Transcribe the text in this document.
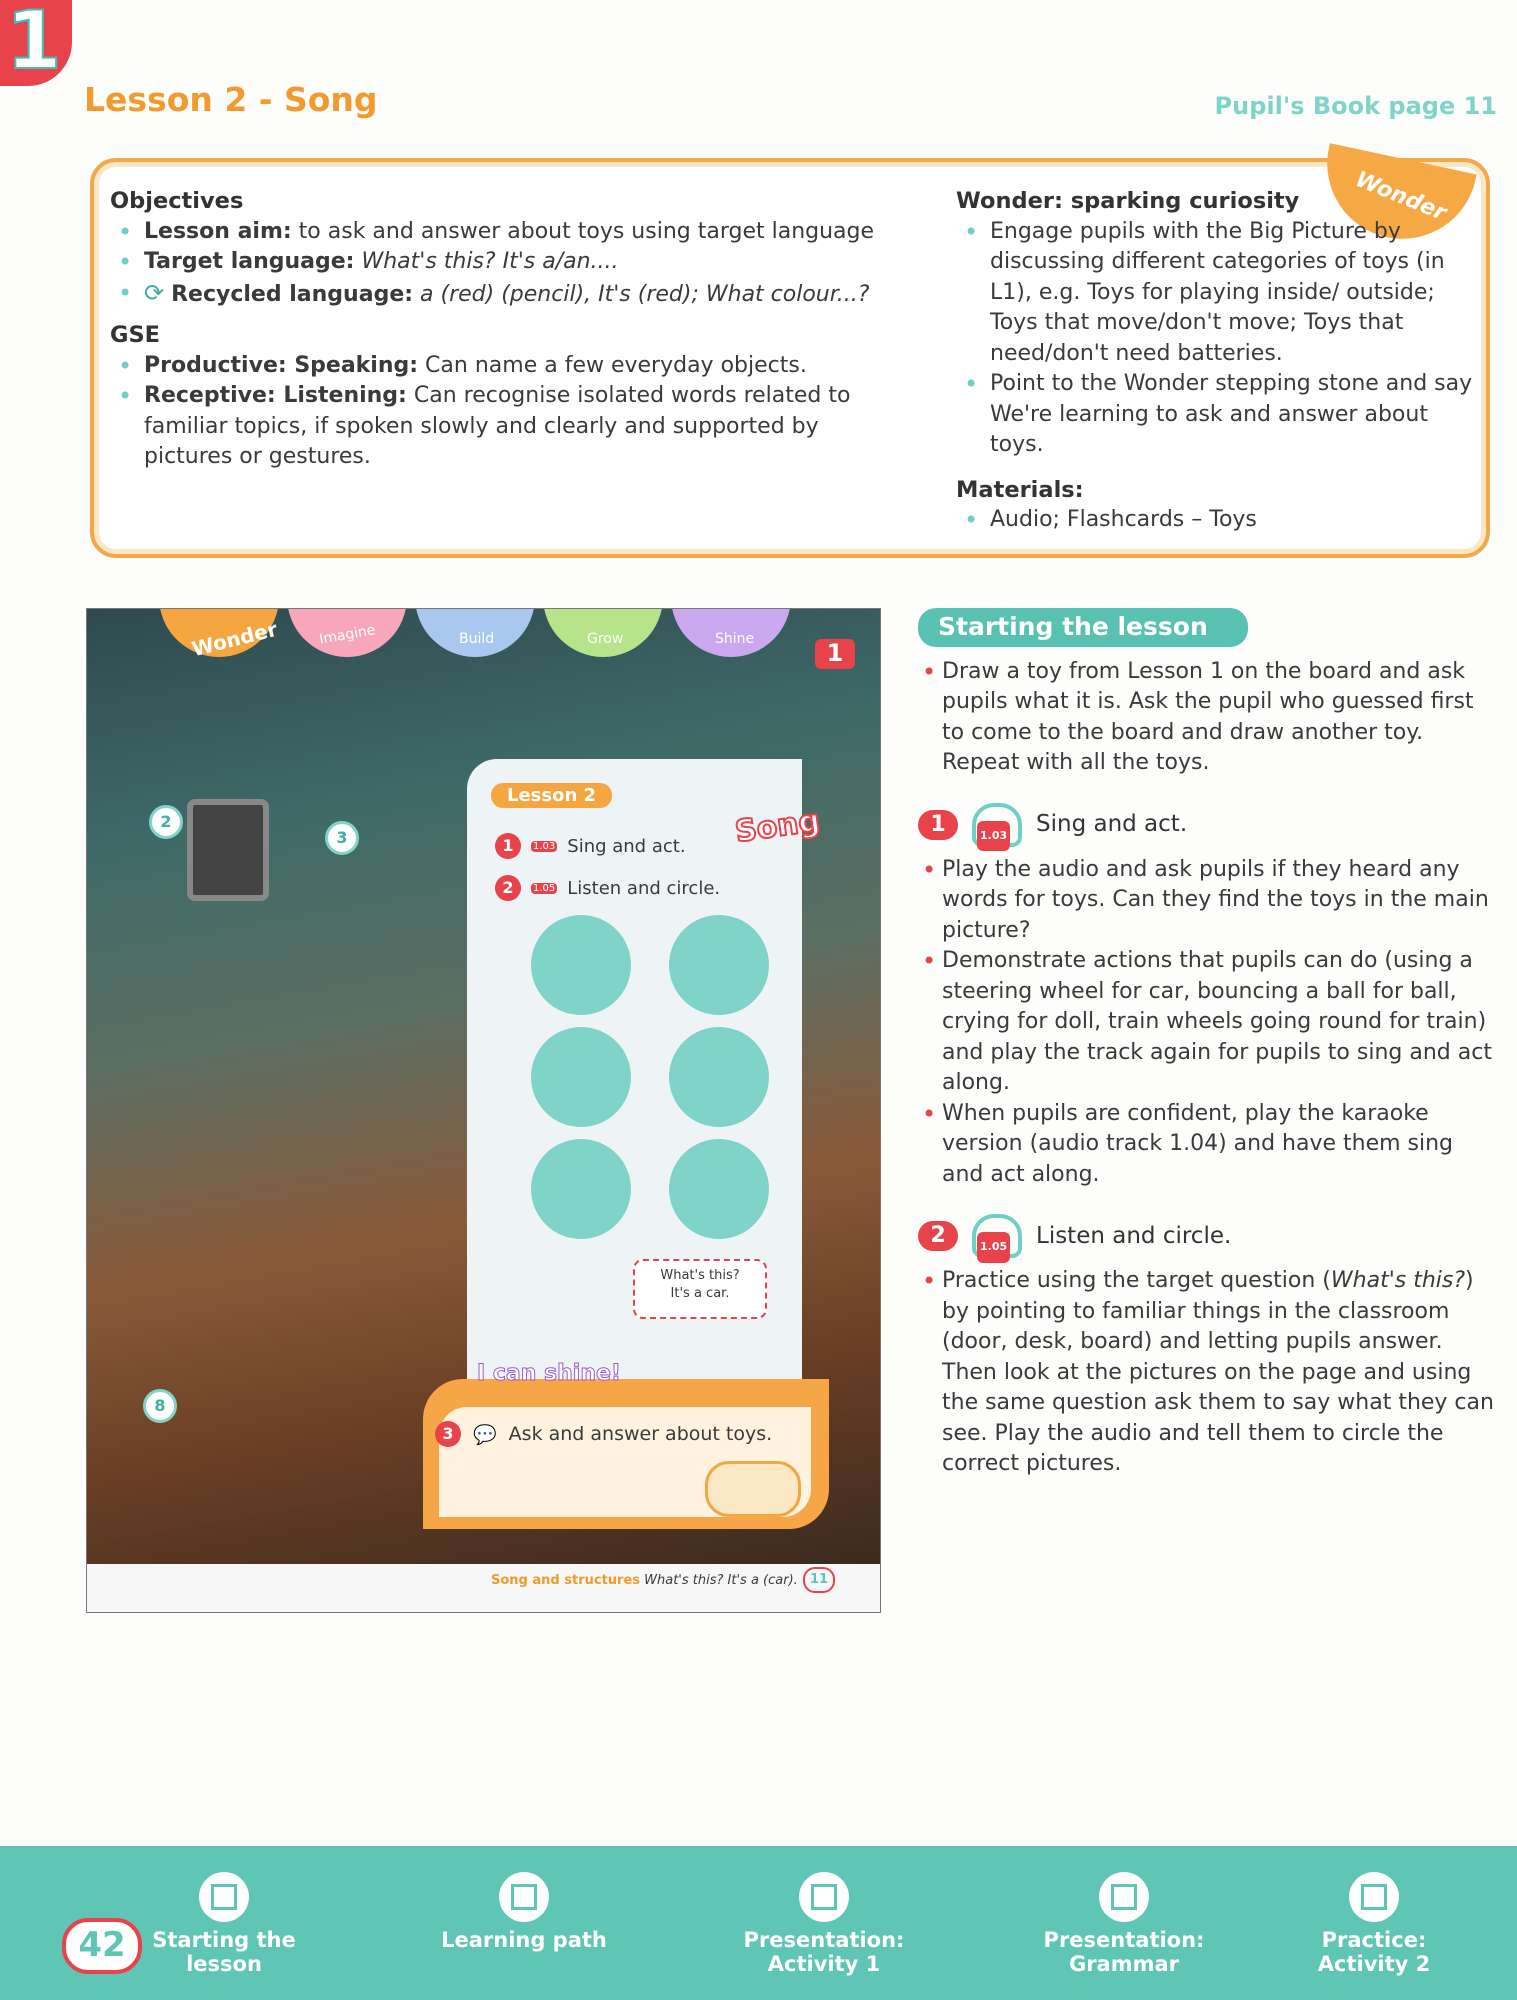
1
Lesson 2 - Song	Pupil's Book page 11
Wonder
Objectives
• Lesson aim: to ask and answer about toys using target language
• Target language: What's this? It's a/an....
• ⟳ Recycled language: a (red) (pencil), It's (red); What colour...?
GSE
• Productive: Speaking: Can name a few everyday objects.
• Receptive: Listening: Can recognise isolated words related to familiar topics, if spoken slowly and clearly and supported by pictures or gestures.
Wonder: sparking curiosity
• Engage pupils with the Big Picture by discussing different categories of toys (in L1), e.g. Toys for playing inside/ outside; Toys that move/don't move; Toys that need/don't need batteries.
• Point to the Wonder stepping stone and say We're learning to ask and answer about toys.
Materials:
• Audio; Flashcards – Toys
Wonder	Imagine	Build	Grow	Shine	1
2
3
8
Lesson 2
Song
1	1.03 Sing and act.
2	1.05 Listen and circle.
What's this?
It's a car.
I can shine!
3	💬 Ask and answer about toys.
Song and structures What's this? It's a (car). 11
Starting the lesson
• Draw a toy from Lesson 1 on the board and ask pupils what it is. Ask the pupil who guessed first to come to the board and draw another toy. Repeat with all the toys.
1	1.03 Sing and act.
• Play the audio and ask pupils if they heard any words for toys. Can they find the toys in the main picture?
• Demonstrate actions that pupils can do (using a steering wheel for car, bouncing a ball for ball, crying for doll, train wheels going round for train) and play the track again for pupils to sing and act along.
• When pupils are confident, play the karaoke version (audio track 1.04) and have them sing and act along.
2	1.05 Listen and circle.
• Practice using the target question (What's this?) by pointing to familiar things in the classroom (door, desk, board) and letting pupils answer. Then look at the pictures on the page and using the same question ask them to say what they can see. Play the audio and tell them to circle the correct pictures.
42	Starting the
lesson
Learning path	Presentation:
Activity 1
Presentation:
Grammar
Practice:
Activity 2
